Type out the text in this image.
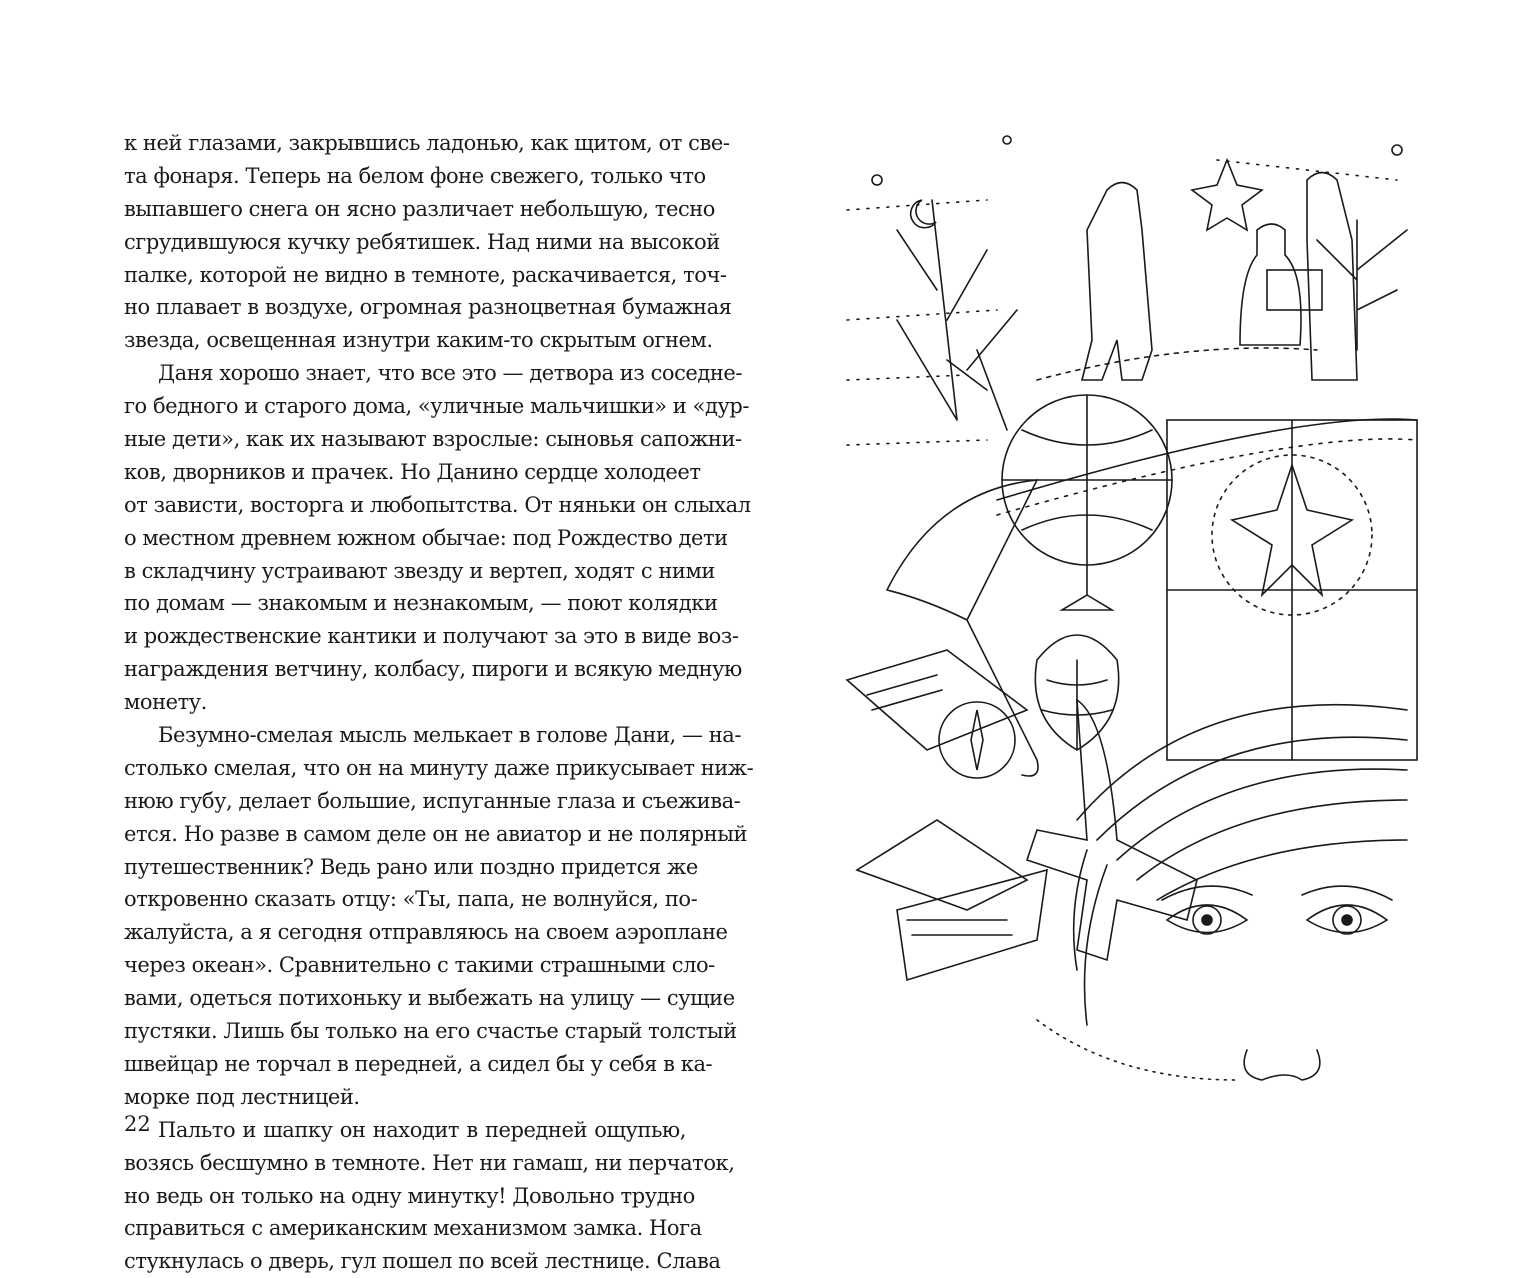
к ней глазами, закрывшись ладонью, как щитом, от све-
та фонаря. Теперь на белом фоне свежего, только что
выпавшего снега он ясно различает небольшую, тесно
сгрудившуюся кучку ребятишек. Над ними на высокой
палке, которой не видно в темноте, раскачивается, точ-
но плавает в воздухе, огромная разноцветная бумажная
звезда, освещенная изнутри каким-то скрытым огнем.
Даня хорошо знает, что все это — детвора из соседне-
го бедного и старого дома, «уличные мальчишки» и «дур-
ные дети», как их называют взрослые: сыновья сапожни-
ков, дворников и прачек. Но Данино сердце холодеет
от зависти, восторга и любопытства. От няньки он слыхал
о местном древнем южном обычае: под Рождество дети
в складчину устраивают звезду и вертеп, ходят с ними
по домам — знакомым и незнакомым, — поют колядки
и рождественские кантики и получают за это в виде воз-
награждения ветчину, колбасу, пироги и всякую медную
монету.
Безумно-смелая мысль мелькает в голове Дани, — на-
столько смелая, что он на минуту даже прикусывает ниж-
нюю губу, делает большие, испуганные глаза и съежива-
ется. Но разве в самом деле он не авиатор и не полярный
путешественник? Ведь рано или поздно придется же
откровенно сказать отцу: «Ты, папа, не волнуйся, по-
жалуйста, а я сегодня отправляюсь на своем аэроплане
через океан». Сравнительно с такими страшными сло-
вами, одеться потихоньку и выбежать на улицу — сущие
пустяки. Лишь бы только на его счастье старый толстый
швейцар не торчал в передней, а сидел бы у себя в ка-
морке под лестницей.
Пальто и шапку он находит в передней ощупью,
возясь бесшумно в темноте. Нет ни гамаш, ни перчаток,
но ведь он только на одну минутку! Довольно трудно
справиться с американским механизмом замка. Нога
стукнулась о дверь, гул пошел по всей лестнице. Слава
22
